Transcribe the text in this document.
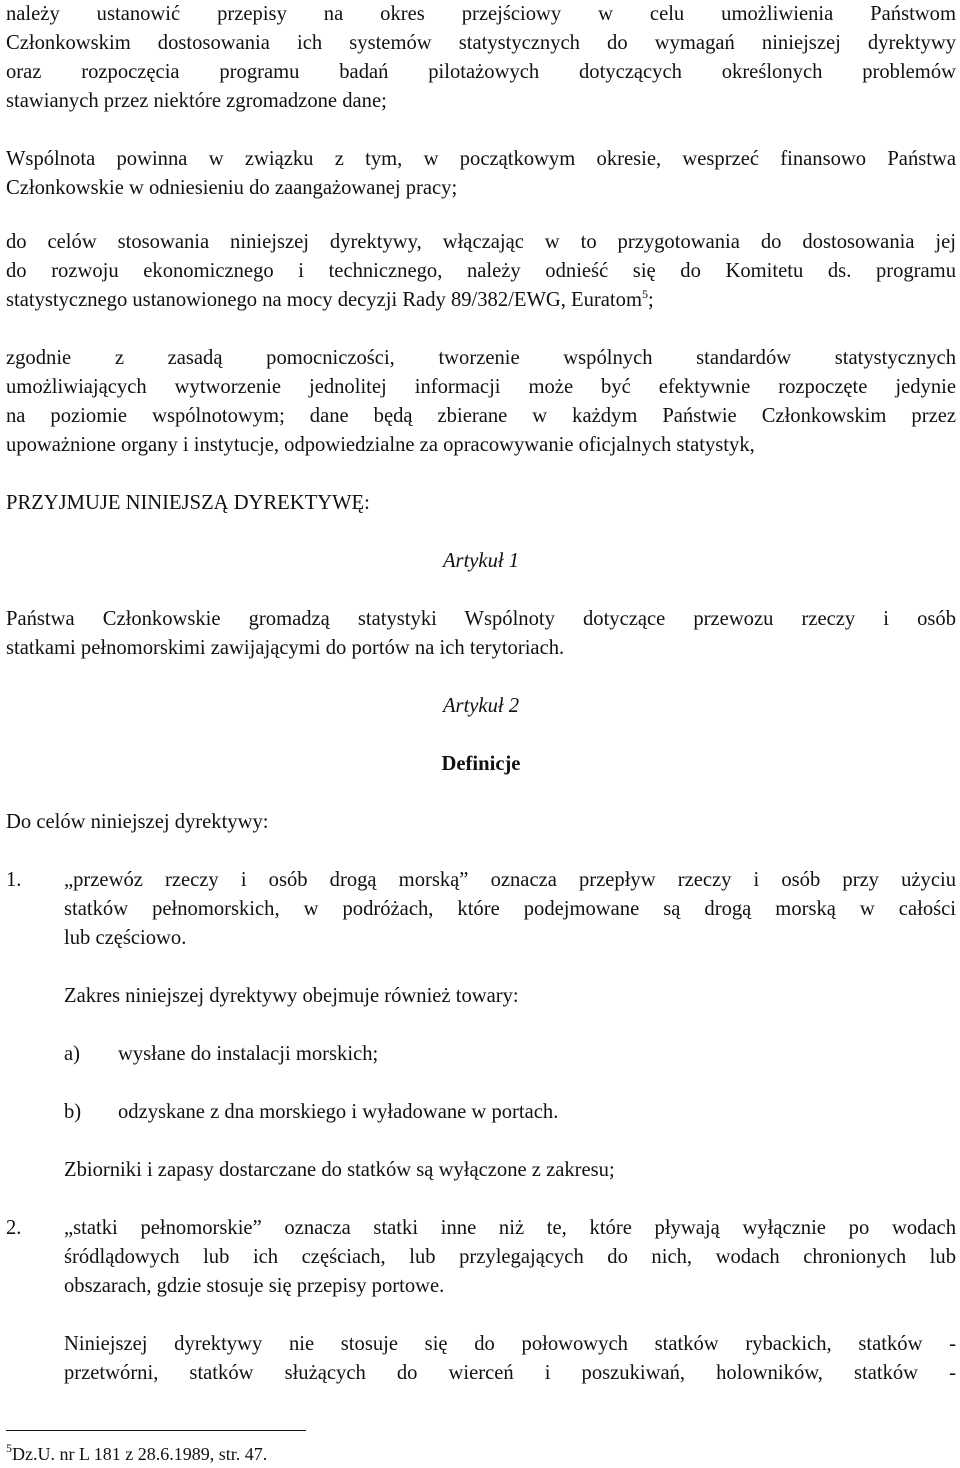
należy ustanowić przepisy na okres przejściowy w celu umożliwienia Państwom
Członkowskim dostosowania ich systemów statystycznych do wymagań niniejszej dyrektywy
oraz rozpoczęcia programu badań pilotażowych dotyczących określonych problemów
stawianych przez niektóre zgromadzone dane;
Wspólnota powinna w związku z tym, w początkowym okresie, wesprzeć finansowo Państwa
Członkowskie w odniesieniu do zaangażowanej pracy;
do celów stosowania niniejszej dyrektywy, włączając w to przygotowania do dostosowania jej
do rozwoju ekonomicznego i technicznego, należy odnieść się do Komitetu ds. programu
statystycznego ustanowionego na mocy decyzji Rady 89/382/EWG, Euratom$^5$;
zgodnie z zasadą pomocniczości, tworzenie wspólnych standardów statystycznych
umożliwiających wytworzenie jednolitej informacji może być efektywnie rozpoczęte jedynie
na poziomie wspólnotowym; dane będą zbierane w każdym Państwie Członkowskim przez
upoważnione organy i instytucje, odpowiedzialne za opracowywanie oficjalnych statystyk,
PRZYJMUJE NINIEJSZĄ DYREKTYWĘ:
Artykuł 1
Państwa Członkowskie gromadzą statystyki Wspólnoty dotyczące przewozu rzeczy i osób
statkami pełnomorskimi zawijającymi do portów na ich terytoriach.
Artykuł 2
Definicje
Do celów niniejszej dyrektywy:
1. „przewóz rzeczy i osób drogą morską” oznacza przepływ rzeczy i osób przy użyciu
statków pełnomorskich, w podróżach, które podejmowane są drogą morską w całości
lub częściowo.
Zakres niniejszej dyrektywy obejmuje również towary:
a) wysłane do instalacji morskich;
b) odzyskane z dna morskiego i wyładowane w portach.
Zbiorniki i zapasy dostarczane do statków są wyłączone z zakresu;
2. „statki pełnomorskie” oznacza statki inne niż te, które pływają wyłącznie po wodach
śródlądowych lub ich częściach, lub przylegających do nich, wodach chronionych lub
obszarach, gdzie stosuje się przepisy portowe.
Niniejszej dyrektywy nie stosuje się do połowowych statków rybackich, statków -
przetwórni, statków służących do wierceń i poszukiwań, holowników, statków -
$^5$Dz.U. nr L 181 z 28.6.1989, str. 47.
